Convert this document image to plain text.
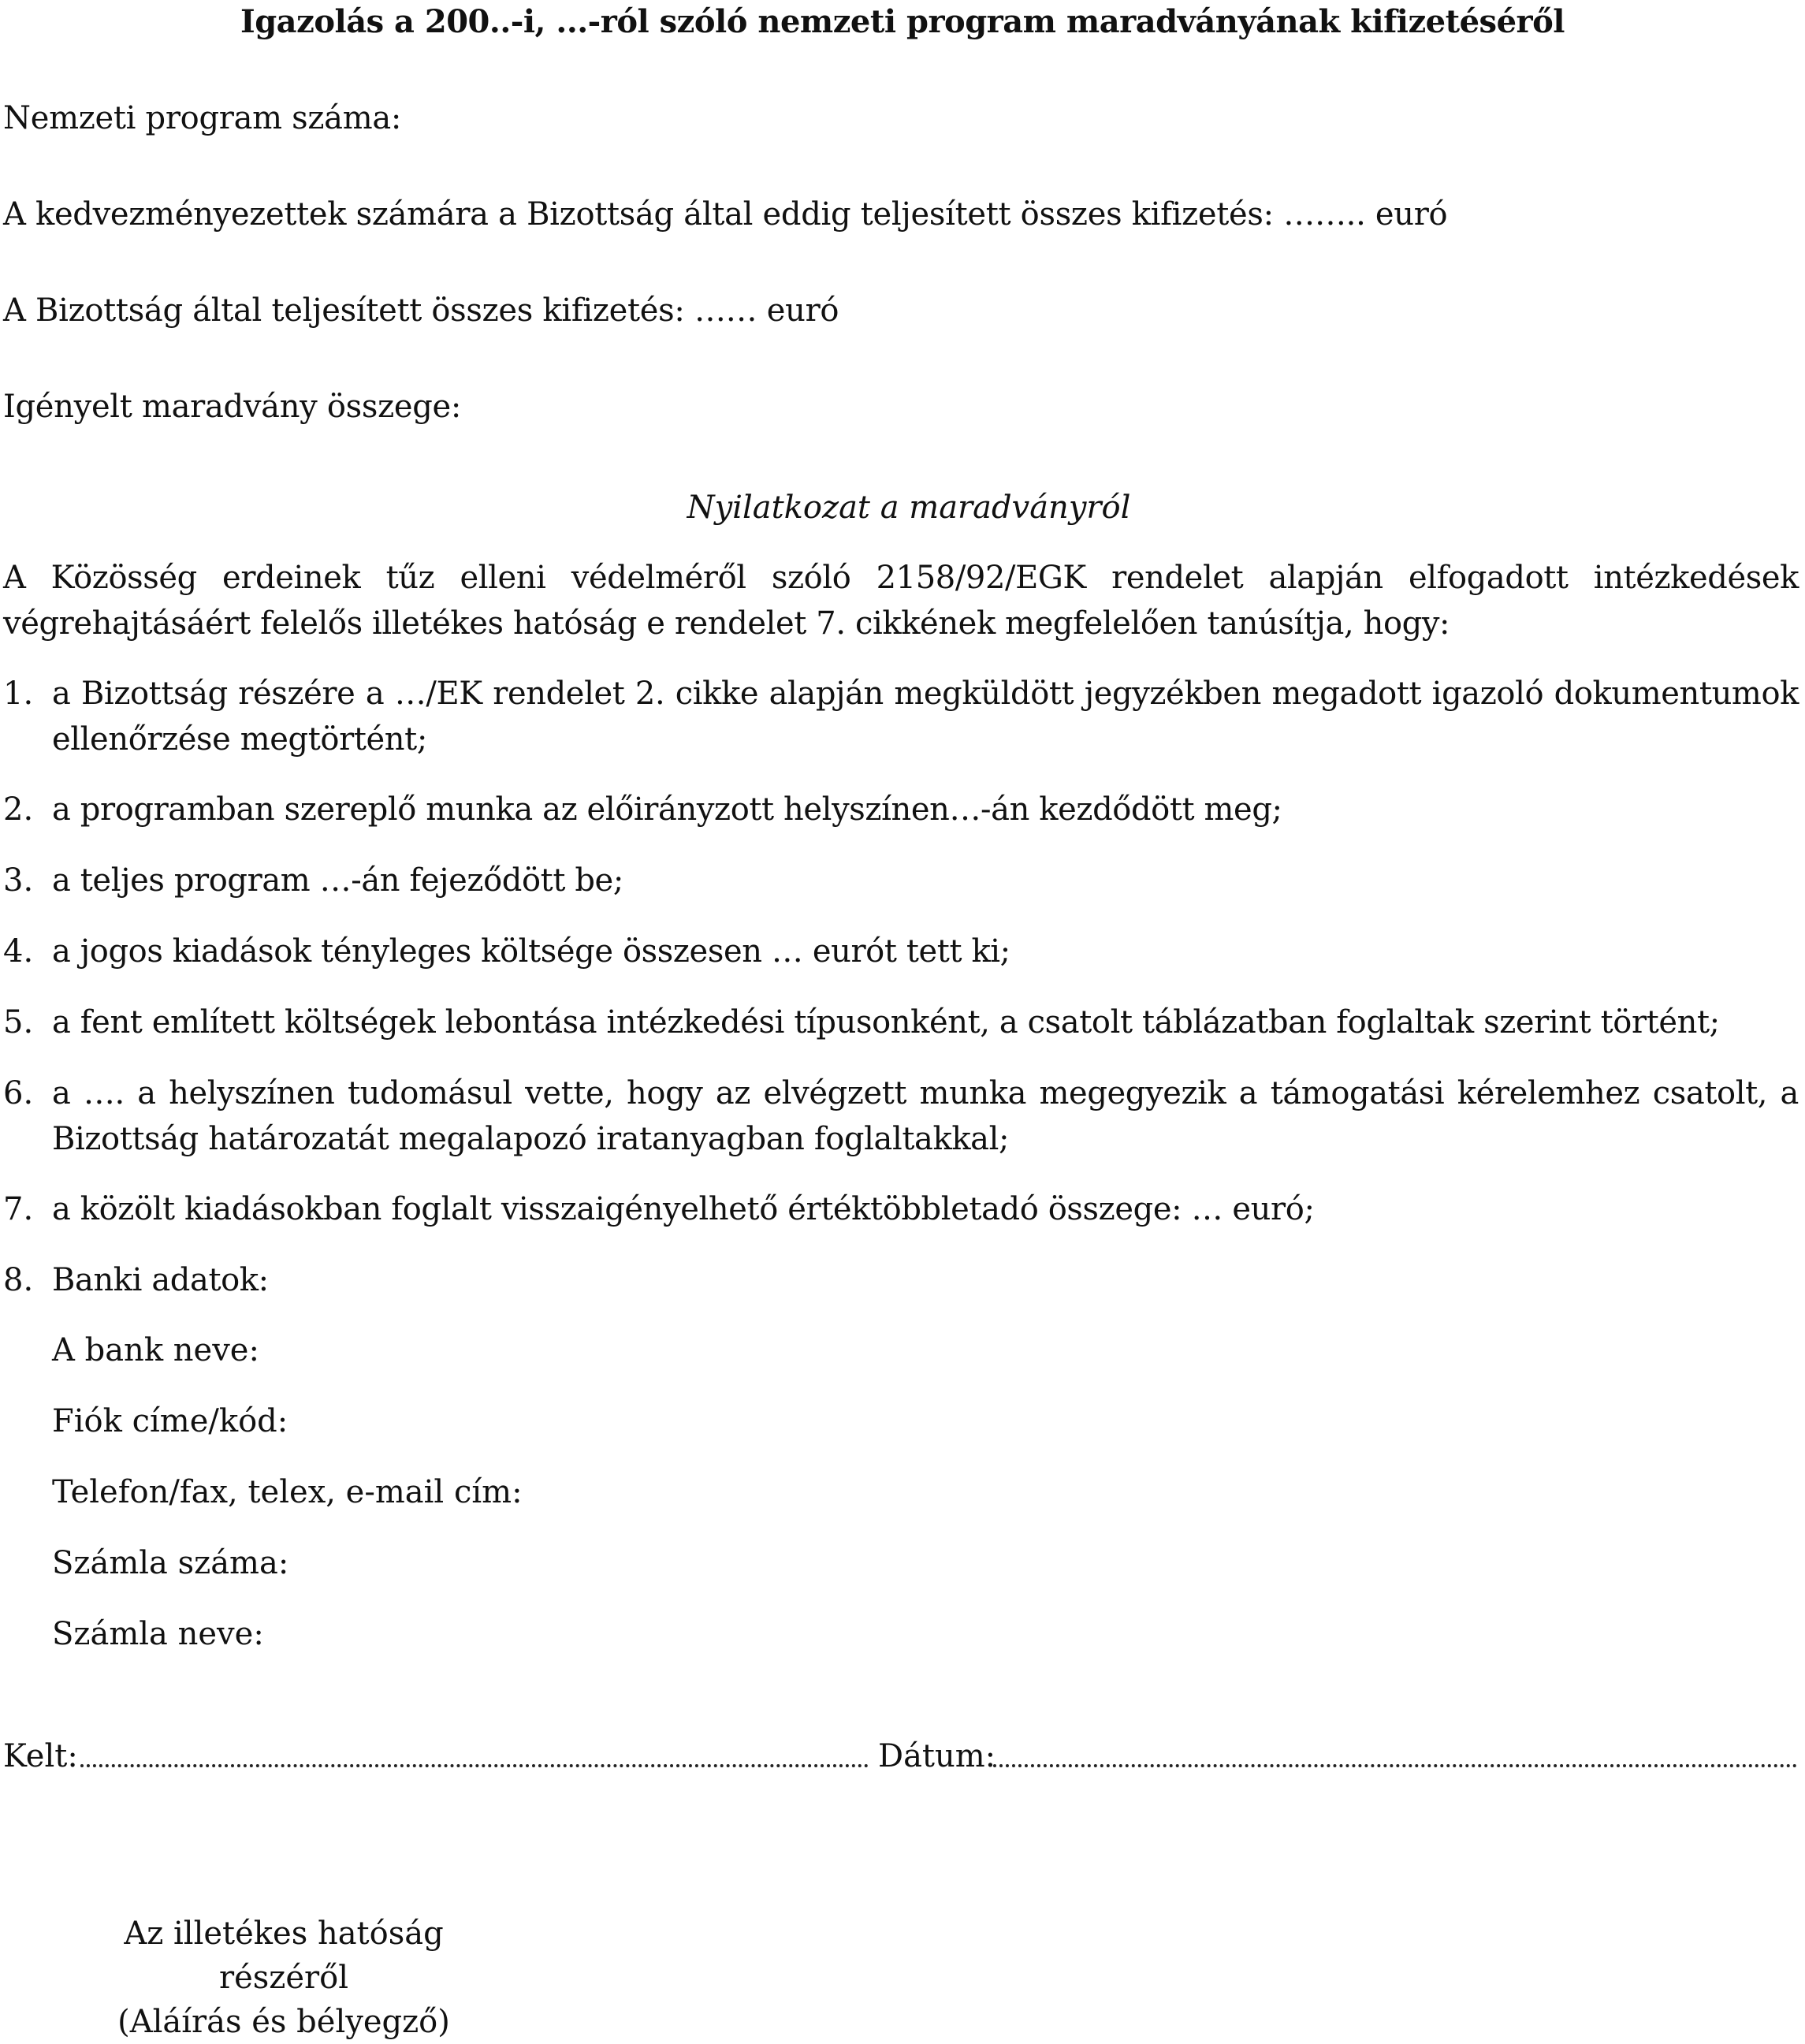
Igazolás a 200..-i, ...-ról szóló nemzeti program maradványának kifizetéséről
Nemzeti program száma:
A kedvezményezettek számára a Bizottság által eddig teljesített összes kifizetés: …….. euró
A Bizottság által teljesített összes kifizetés: …… euró
Igényelt maradvány összege:
Nyilatkozat a maradványról
A Közösség erdeinek tűz elleni védelméről szóló 2158/92/EGK rendelet alapján elfogadott intézkedések végrehajtásáért felelős illetékes hatóság e rendelet 7. cikkének megfelelően tanúsítja, hogy:
1. a Bizottság részére a …/EK rendelet 2. cikke alapján megküldött jegyzékben megadott igazoló dokumentumok ellenőrzése megtörtént;
2. a programban szereplő munka az előirányzott helyszínen…-án kezdődött meg;
3. a teljes program …-án fejeződött be;
4. a jogos kiadások tényleges költsége összesen … eurót tett ki;
5. a fent említett költségek lebontása intézkedési típusonként, a csatolt táblázatban foglaltak szerint történt;
6. a …. a helyszínen tudomásul vette, hogy az elvégzett munka megegyezik a támogatási kérelemhez csatolt, a Bizottság határozatát megalapozó iratanyagban foglaltakkal;
7. a közölt kiadásokban foglalt visszaigényelhető értéktöbbletadó összege: … euró;
8. Banki adatok:
A bank neve:
Fiók címe/kód:
Telefon/fax, telex, e-mail cím:
Számla száma:
Számla neve:
Kelt:	Dátum:
Az illetékes hatóság részéről
(Aláírás és bélyegző)
